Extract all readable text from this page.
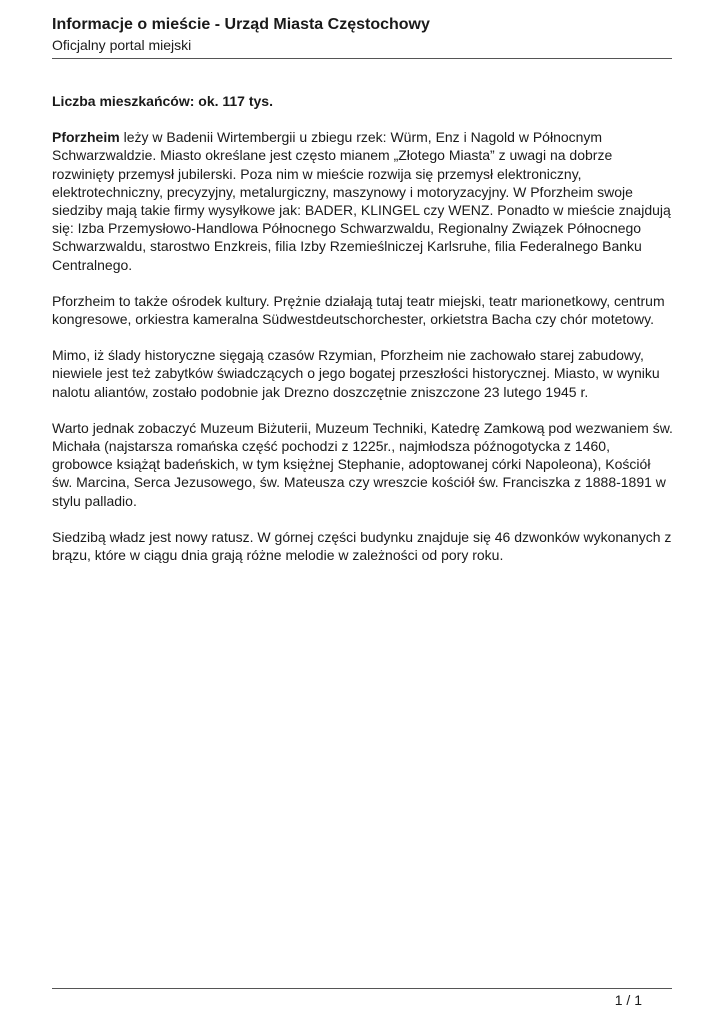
Informacje o mieście - Urząd Miasta Częstochowy
Oficjalny portal miejski

Liczba mieszkańców: ok. 117 tys.

Pforzheim leży w Badenii Wirtembergii u zbiegu rzek: Würm, Enz i Nagold w Północnym Schwarzwaldzie. Miasto określane jest często mianem „Złotego Miasta” z uwagi na dobrze rozwinięty przemysł jubilerski. Poza nim w mieście rozwija się przemysł elektroniczny, elektrotechniczny, precyzyjny, metalurgiczny, maszynowy i motoryzacyjny. W Pforzheim swoje siedziby mają takie firmy wysyłkowe jak: BADER, KLINGEL czy WENZ. Ponadto w mieście znajdują się: Izba Przemysłowo-Handlowa Północnego Schwarzwaldu, Regionalny Związek Północnego Schwarzwaldu, starostwo Enzkreis, filia Izby Rzemieślniczej Karlsruhe, filia Federalnego Banku Centralnego.

Pforzheim to także ośrodek kultury. Prężnie działają tutaj teatr miejski, teatr marionetkowy, centrum kongresowe, orkiestra kameralna Südwestdeutschorchester, orkietstra Bacha czy chór motetowy.

Mimo, iż ślady historyczne sięgają czasów Rzymian, Pforzheim nie zachowało starej zabudowy, niewiele jest też zabytków świadczących o jego bogatej przeszłości historycznej. Miasto, w wyniku nalotu aliantów, zostało podobnie jak Drezno doszczętnie zniszczone 23 lutego 1945 r.

Warto jednak zobaczyć Muzeum Biżuterii, Muzeum Techniki, Katedrę Zamkową pod wezwaniem św. Michała (najstarsza romańska część pochodzi z 1225r., najmłodsza późnogotycka z 1460, grobowce książąt badeńskich, w tym księżnej Stephanie, adoptowanej córki Napoleona), Kościół św. Marcina, Serca Jezusowego, św. Mateusza czy wreszcie kościół św. Franciszka z 1888-1891 w stylu palladio.

Siedzibą władz jest nowy ratusz. W górnej części budynku znajduje się 46 dzwonków wykonanych z brązu, które w ciągu dnia grają różne melodie w zależności od pory roku.

1 / 1
